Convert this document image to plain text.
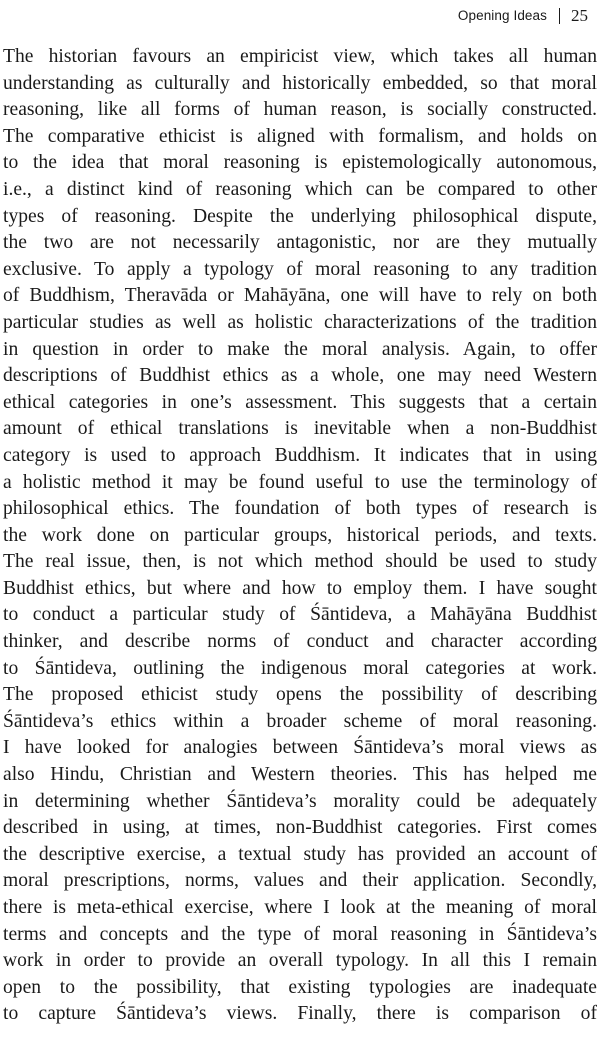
Opening Ideas 25
The historian favours an empiricist view, which takes all human
understanding as culturally and historically embedded, so that moral
reasoning, like all forms of human reason, is socially constructed.
The comparative ethicist is aligned with formalism, and holds on
to the idea that moral reasoning is epistemologically autonomous,
i.e., a distinct kind of reasoning which can be compared to other
types of reasoning. Despite the underlying philosophical dispute,
the two are not necessarily antagonistic, nor are they mutually
exclusive. To apply a typology of moral reasoning to any tradition
of Buddhism, Theravāda or Mahāyāna, one will have to rely on both
particular studies as well as holistic characterizations of the tradition
in question in order to make the moral analysis. Again, to offer
descriptions of Buddhist ethics as a whole, one may need Western
ethical categories in one’s assessment. This suggests that a certain
amount of ethical translations is inevitable when a non-Buddhist
category is used to approach Buddhism. It indicates that in using
a holistic method it may be found useful to use the terminology of
philosophical ethics. The foundation of both types of research is
the work done on particular groups, historical periods, and texts.
The real issue, then, is not which method should be used to study
Buddhist ethics, but where and how to employ them. I have sought
to conduct a particular study of Śāntideva, a Mahāyāna Buddhist
thinker, and describe norms of conduct and character according
to Śāntideva, outlining the indigenous moral categories at work.
The proposed ethicist study opens the possibility of describing
Śāntideva’s ethics within a broader scheme of moral reasoning.
I have looked for analogies between Śāntideva’s moral views as
also Hindu, Christian and Western theories. This has helped me
in determining whether Śāntideva’s morality could be adequately
described in using, at times, non-Buddhist categories. First comes
the descriptive exercise, a textual study has provided an account of
moral prescriptions, norms, values and their application. Secondly,
there is meta-ethical exercise, where I look at the meaning of moral
terms and concepts and the type of moral reasoning in Śāntideva’s
work in order to provide an overall typology. In all this I remain
open to the possibility, that existing typologies are inadequate
to capture Śāntideva’s views. Finally, there is comparison of
